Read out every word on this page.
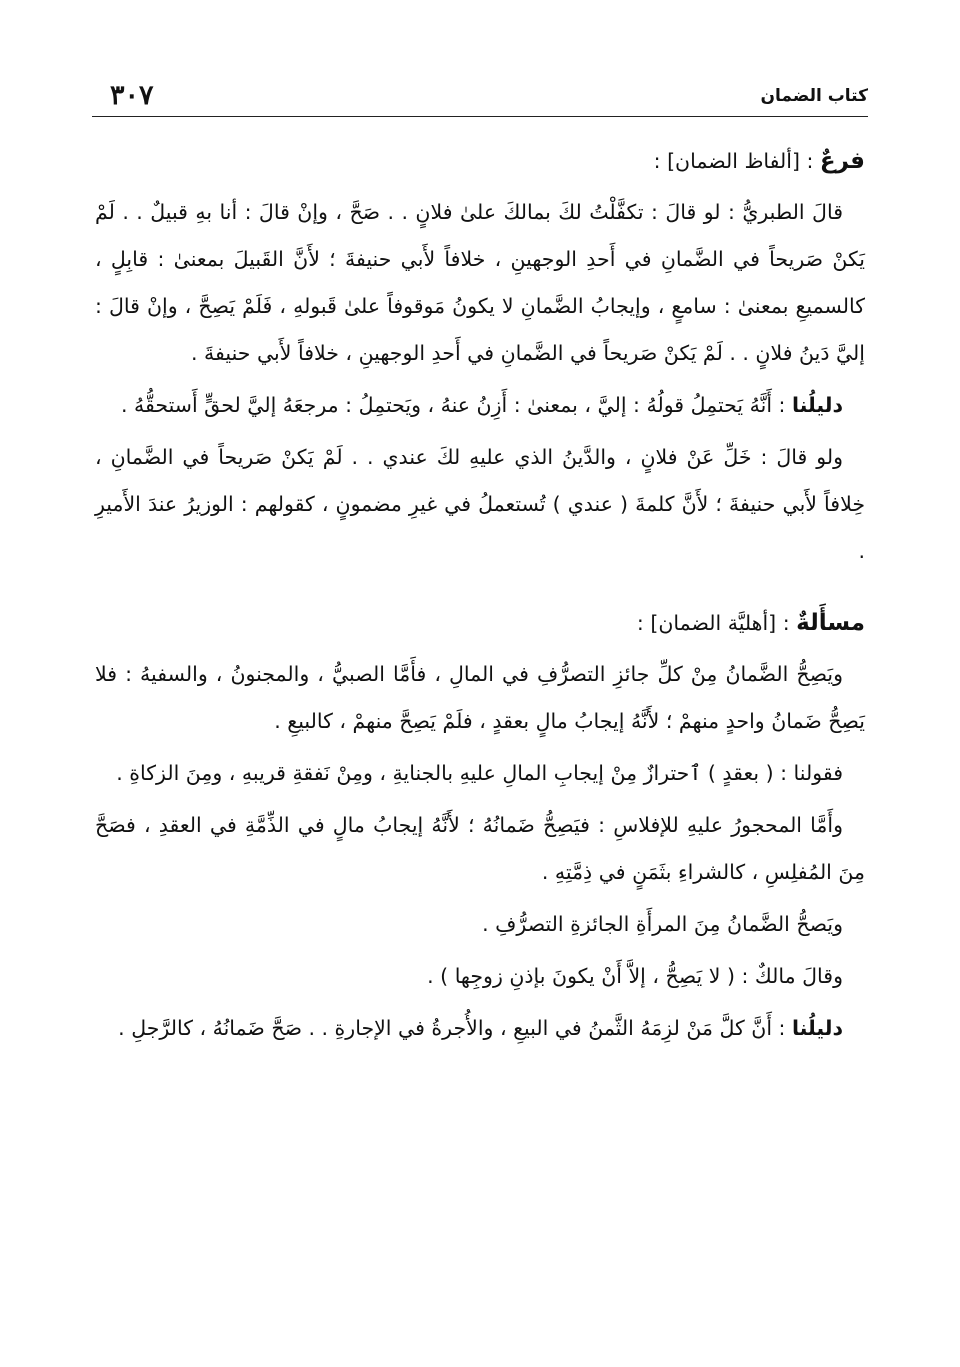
٣٠٧	كتاب الضمان
فرعٌ : [ألفاظ الضمان] :

قالَ الطبريُّ : لو قالَ : تكفَّلْتُ لكَ بمالكَ علىٰ فلانٍ . . صَحَّ ، وإنْ قالَ : أنا بهِ قبيلٌ . . لَمْ يَكنْ صَريحاً في الضَّمانِ في أَحدِ الوجهينِ ، خلافاً لأَبي حنيفةَ ؛ لأَنَّ القَبيلَ بمعنىٰ : قابِلٍ ، كالسميعِ بمعنىٰ : سامعٍ ، وإيجابُ الضَّمانِ لا يكونُ مَوقوفاً علىٰ قَبولهِ ، فَلَمْ يَصِحَّ ، وإنْ قالَ : إليَّ دَينُ فلانٍ . . لَمْ يَكنْ صَريحاً في الضَّمانِ في أَحدِ الوجهينِ ، خلافاً لأَبي حنيفةَ .

دليلُنا : أَنَّهُ يَحتمِلُ قولُهُ : إليَّ ، بمعنىٰ : أَزِنُ عنهُ ، ويَحتمِلُ : مرجعَهُ إليَّ لحقٍّ أَستحقُّهُ .

ولو قالَ : خَلِّ عَنْ فلانٍ ، والدَّينُ الذي عليهِ لكَ عندي . . لَمْ يَكنْ صَريحاً في الضَّمانِ ، خِلافاً لأَبي حنيفةَ ؛ لأَنَّ كلمةَ ( عندي ) تُستعملُ في غيرِ مضمونٍ ، كقولهم : الوزيرُ عندَ الأَميرِ .

مسأَلةٌ : [أهليَّة الضمان] :

ويَصِحُّ الضَّمانُ مِنْ كلِّ جائزِ التصرُّفِ في المالِ ، فأَمَّا الصبيُّ ، والمجنونُ ، والسفيهُ : فلا يَصِحُّ ضَمانُ واحدٍ منهمْ ؛ لأَنَّهُ إيجابُ مالٍ بعقدٍ ، فلَمْ يَصِحَّ منهمْ ، كالبيعِ .

فقولنا : ( بعقدٍ ) ٱحترازٌ مِنْ إيجابِ المالِ عليهِ بالجنايةِ ، ومِنْ نَفقةِ قريبهِ ، ومِنَ الزكاةِ .

وأَمَّا المحجورُ عليهِ للإفلاسِ : فيَصِحُّ ضَمانُهُ ؛ لأَنَّهُ إيجابُ مالٍ في الذِّمَّةِ في العقدِ ، فصَحَّ مِنَ المُفلِسِ ، كالشراءِ بثَمَنٍ في ذِمَّتِهِ .

ويَصحُّ الضَّمانُ مِنَ المرأَةِ الجائزةِ التصرُّفِ .

وقالَ مالكٌ : ( لا يَصِحُّ ، إلاَّ أَنْ يكونَ بإذنِ زوجِها ) .

دليلُنا : أَنَّ كلَّ مَنْ لزِمَهُ الثَّمنُ في البيعِ ، والأُجرةُ في الإجارةِ . . صَحَّ ضَمانُهُ ، كالرَّجلِ .
